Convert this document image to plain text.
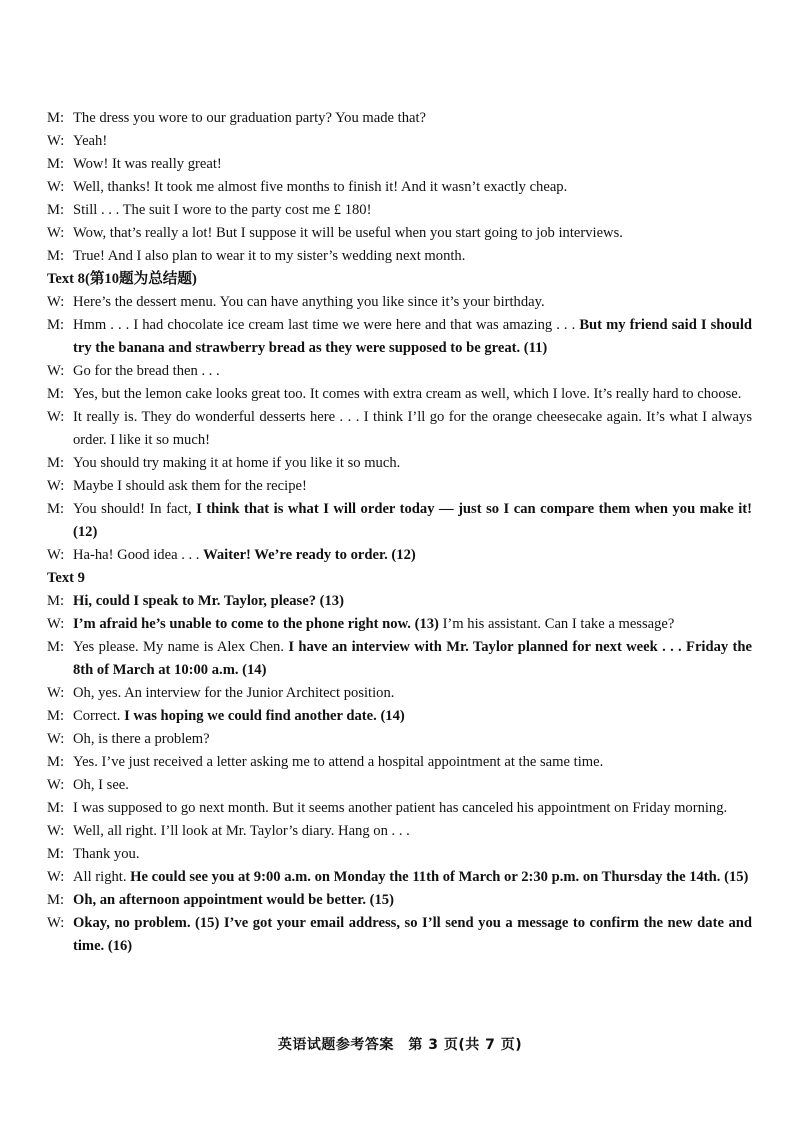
M: The dress you wore to our graduation party? You made that?
W: Yeah!
M: Wow! It was really great!
W: Well, thanks! It took me almost five months to finish it! And it wasn’t exactly cheap.
M: Still . . . The suit I wore to the party cost me £ 180!
W: Wow, that’s really a lot! But I suppose it will be useful when you start going to job interviews.
M: True! And I also plan to wear it to my sister’s wedding next month.
Text 8(第10题为总结题)
W: Here’s the dessert menu. You can have anything you like since it’s your birthday.
M: Hmm . . . I had chocolate ice cream last time we were here and that was amazing . . . But my friend said I should try the banana and strawberry bread as they were supposed to be great. (11)
W: Go for the bread then . . .
M: Yes, but the lemon cake looks great too. It comes with extra cream as well, which I love. It’s really hard to choose.
W: It really is. They do wonderful desserts here . . . I think I’ll go for the orange cheesecake again. It’s what I always order. I like it so much!
M: You should try making it at home if you like it so much.
W: Maybe I should ask them for the recipe!
M: You should! In fact, I think that is what I will order today — just so I can compare them when you make it! (12)
W: Ha-ha! Good idea . . . Waiter! We’re ready to order. (12)
Text 9
M: Hi, could I speak to Mr. Taylor, please? (13)
W: I’m afraid he’s unable to come to the phone right now. (13) I’m his assistant. Can I take a message?
M: Yes please. My name is Alex Chen. I have an interview with Mr. Taylor planned for next week . . . Friday the 8th of March at 10:00 a.m. (14)
W: Oh, yes. An interview for the Junior Architect position.
M: Correct. I was hoping we could find another date. (14)
W: Oh, is there a problem?
M: Yes. I’ve just received a letter asking me to attend a hospital appointment at the same time.
W: Oh, I see.
M: I was supposed to go next month. But it seems another patient has canceled his appointment on Friday morning.
W: Well, all right. I’ll look at Mr. Taylor’s diary. Hang on . . .
M: Thank you.
W: All right. He could see you at 9:00 a.m. on Monday the 11th of March or 2:30 p.m. on Thursday the 14th. (15)
M: Oh, an afternoon appointment would be better. (15)
W: Okay, no problem. (15) I’ve got your email address, so I’ll send you a message to confirm the new date and time. (16)
英语试题参考答案　第 3 页(共 7 页)
